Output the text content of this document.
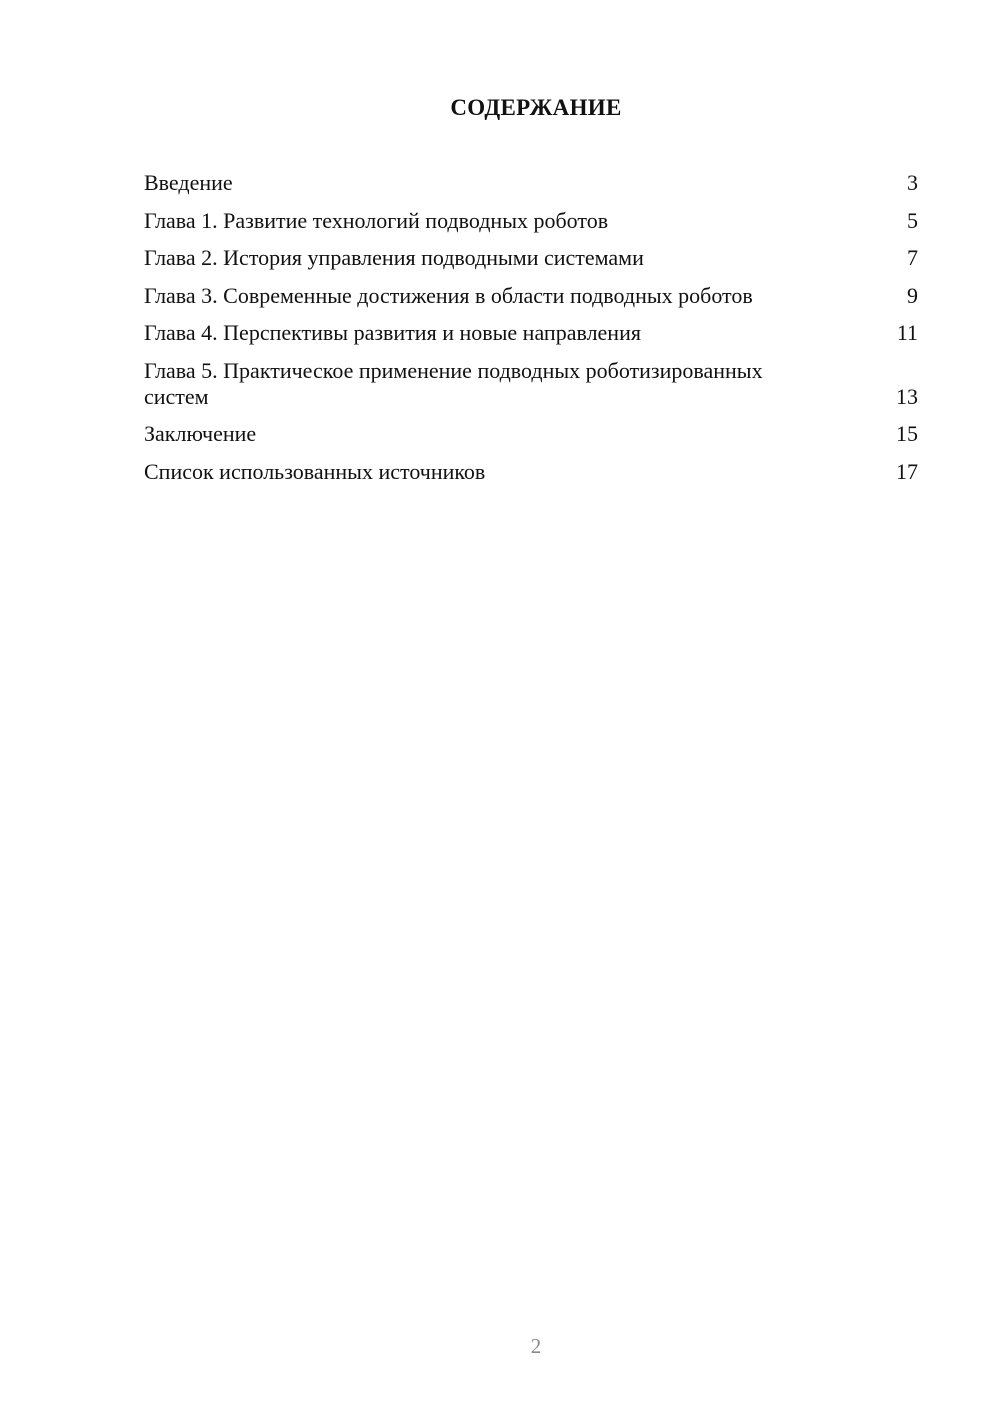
СОДЕРЖАНИЕ
Введение	3
Глава 1. Развитие технологий подводных роботов	5
Глава 2. История управления подводными системами	7
Глава 3. Современные достижения в области подводных роботов	9
Глава 4. Перспективы развития и новые направления	11
Глава 5. Практическое применение подводных роботизированных систем	13
Заключение	15
Список использованных источников	17
2
